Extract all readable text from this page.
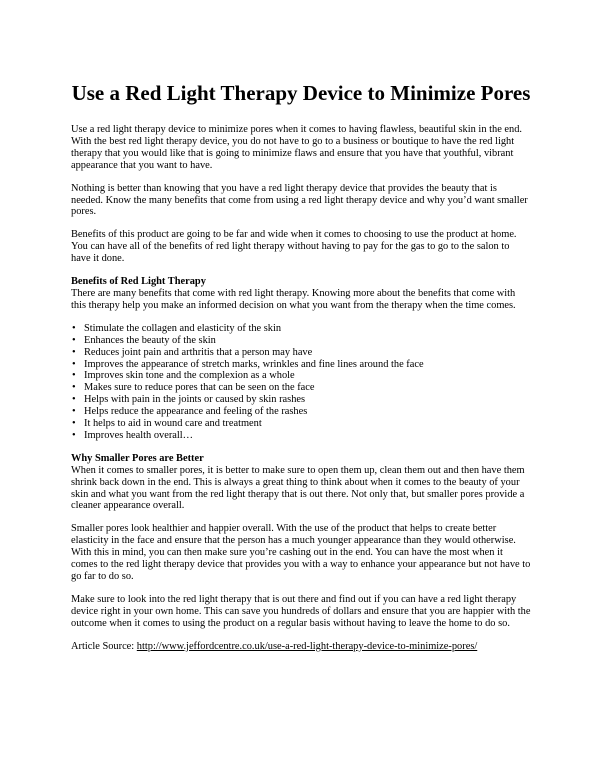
Use a Red Light Therapy Device to Minimize Pores

Use a red light therapy device to minimize pores when it comes to having flawless, beautiful skin in the end. With the best red light therapy device, you do not have to go to a business or boutique to have the red light therapy that you would like that is going to minimize flaws and ensure that you have that youthful, vibrant appearance that you want to have.

Nothing is better than knowing that you have a red light therapy device that provides the beauty that is needed. Know the many benefits that come from using a red light therapy device and why you’d want smaller pores.

Benefits of this product are going to be far and wide when it comes to choosing to use the product at home. You can have all of the benefits of red light therapy without having to pay for the gas to go to the salon to have it done.

Benefits of Red Light Therapy
There are many benefits that come with red light therapy. Knowing more about the benefits that come with this therapy help you make an informed decision on what you want from the therapy when the time comes.

• Stimulate the collagen and elasticity of the skin
• Enhances the beauty of the skin
• Reduces joint pain and arthritis that a person may have
• Improves the appearance of stretch marks, wrinkles and fine lines around the face
• Improves skin tone and the complexion as a whole
• Makes sure to reduce pores that can be seen on the face
• Helps with pain in the joints or caused by skin rashes
• Helps reduce the appearance and feeling of the rashes
• It helps to aid in wound care and treatment
• Improves health overall…

Why Smaller Pores are Better
When it comes to smaller pores, it is better to make sure to open them up, clean them out and then have them shrink back down in the end. This is always a great thing to think about when it comes to the beauty of your skin and what you want from the red light therapy that is out there. Not only that, but smaller pores provide a cleaner appearance overall.

Smaller pores look healthier and happier overall. With the use of the product that helps to create better elasticity in the face and ensure that the person has a much younger appearance than they would otherwise. With this in mind, you can then make sure you’re cashing out in the end. You can have the most when it comes to the red light therapy device that provides you with a way to enhance your appearance but not have to go far to do so.

Make sure to look into the red light therapy that is out there and find out if you can have a red light therapy device right in your own home. This can save you hundreds of dollars and ensure that you are happier with the outcome when it comes to using the product on a regular basis without having to leave the home to do so.

Article Source: http://www.jeffordcentre.co.uk/use-a-red-light-therapy-device-to-minimize-pores/
